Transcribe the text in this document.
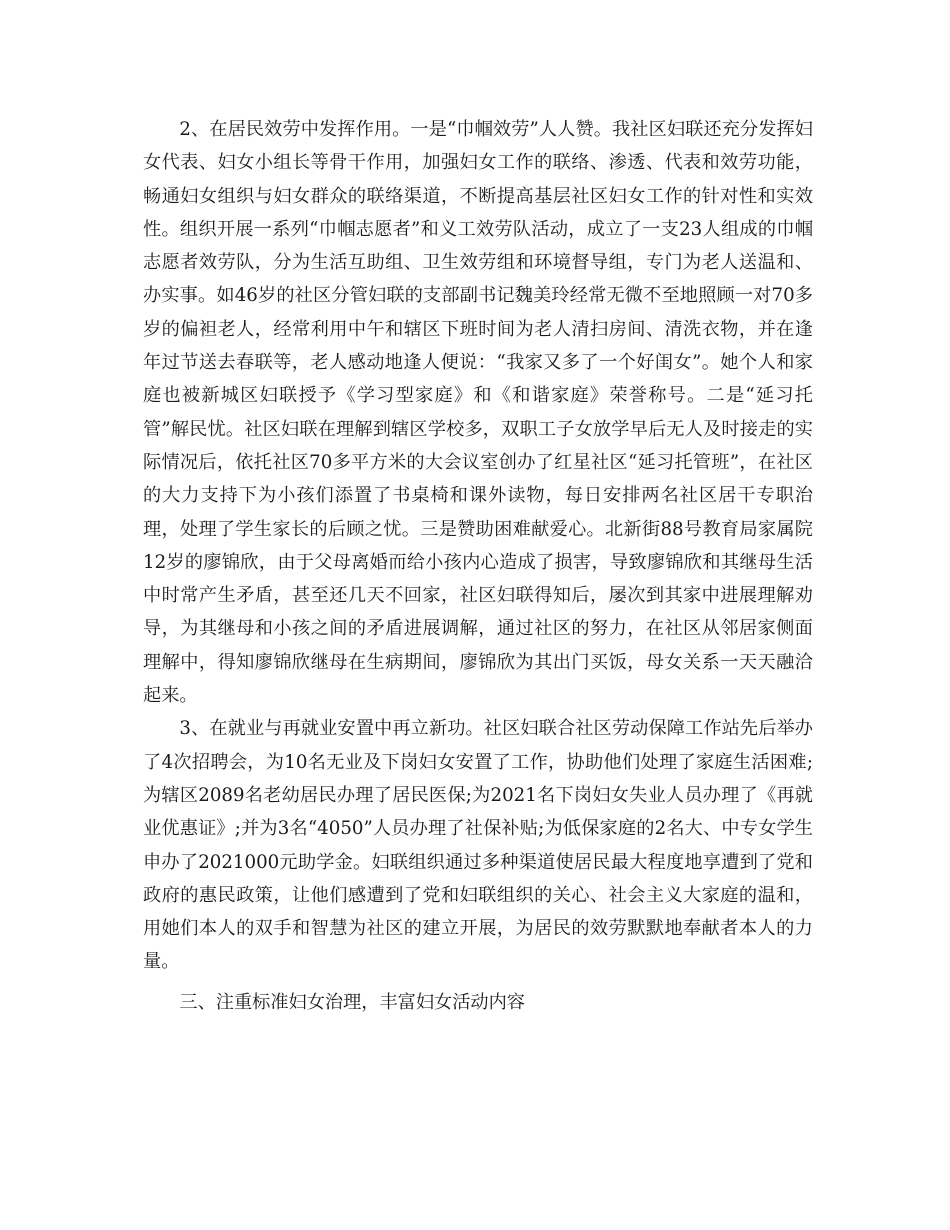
2、在居民效劳中发挥作用。一是“巾帼效劳”人人赞。我社区妇联还充分发挥妇女代表、妇女小组长等骨干作用，加强妇女工作的联络、渗透、代表和效劳功能，畅通妇女组织与妇女群众的联络渠道，不断提高基层社区妇女工作的针对性和实效性。组织开展一系列“巾帼志愿者”和义工效劳队活动，成立了一支23人组成的巾帼志愿者效劳队，分为生活互助组、卫生效劳组和环境督导组，专门为老人送温和、办实事。如46岁的社区分管妇联的支部副书记魏美玲经常无微不至地照顾一对70多岁的偏袒老人，经常利用中午和辖区下班时间为老人清扫房间、清洗衣物，并在逢年过节送去春联等，老人感动地逢人便说：“我家又多了一个好闺女”。她个人和家庭也被新城区妇联授予《学习型家庭》和《和谐家庭》荣誉称号。二是“延习托管”解民忧。社区妇联在理解到辖区学校多，双职工子女放学早后无人及时接走的实际情况后，依托社区70多平方米的大会议室创办了红星社区“延习托管班”，在社区的大力支持下为小孩们添置了书桌椅和课外读物，每日安排两名社区居干专职治理，处理了学生家长的后顾之忧。三是赞助困难献爱心。北新街88号教育局家属院12岁的廖锦欣，由于父母离婚而给小孩内心造成了损害，导致廖锦欣和其继母生活中时常产生矛盾，甚至还几天不回家，社区妇联得知后，屡次到其家中进展理解劝导，为其继母和小孩之间的矛盾进展调解，通过社区的努力，在社区从邻居家侧面理解中，得知廖锦欣继母在生病期间，廖锦欣为其出门买饭，母女关系一天天融洽起来。

3、在就业与再就业安置中再立新功。社区妇联合社区劳动保障工作站先后举办了4次招聘会，为10名无业及下岗妇女安置了工作，协助他们处理了家庭生活困难;为辖区2089名老幼居民办理了居民医保;为2021名下岗妇女失业人员办理了《再就业优惠证》;并为3名“4050”人员办理了社保补贴;为低保家庭的2名大、中专女学生申办了2021000元助学金。妇联组织通过多种渠道使居民最大程度地享遭到了党和政府的惠民政策，让他们感遭到了党和妇联组织的关心、社会主义大家庭的温和，用她们本人的双手和智慧为社区的建立开展，为居民的效劳默默地奉献者本人的力量。

三、注重标准妇女治理，丰富妇女活动内容
